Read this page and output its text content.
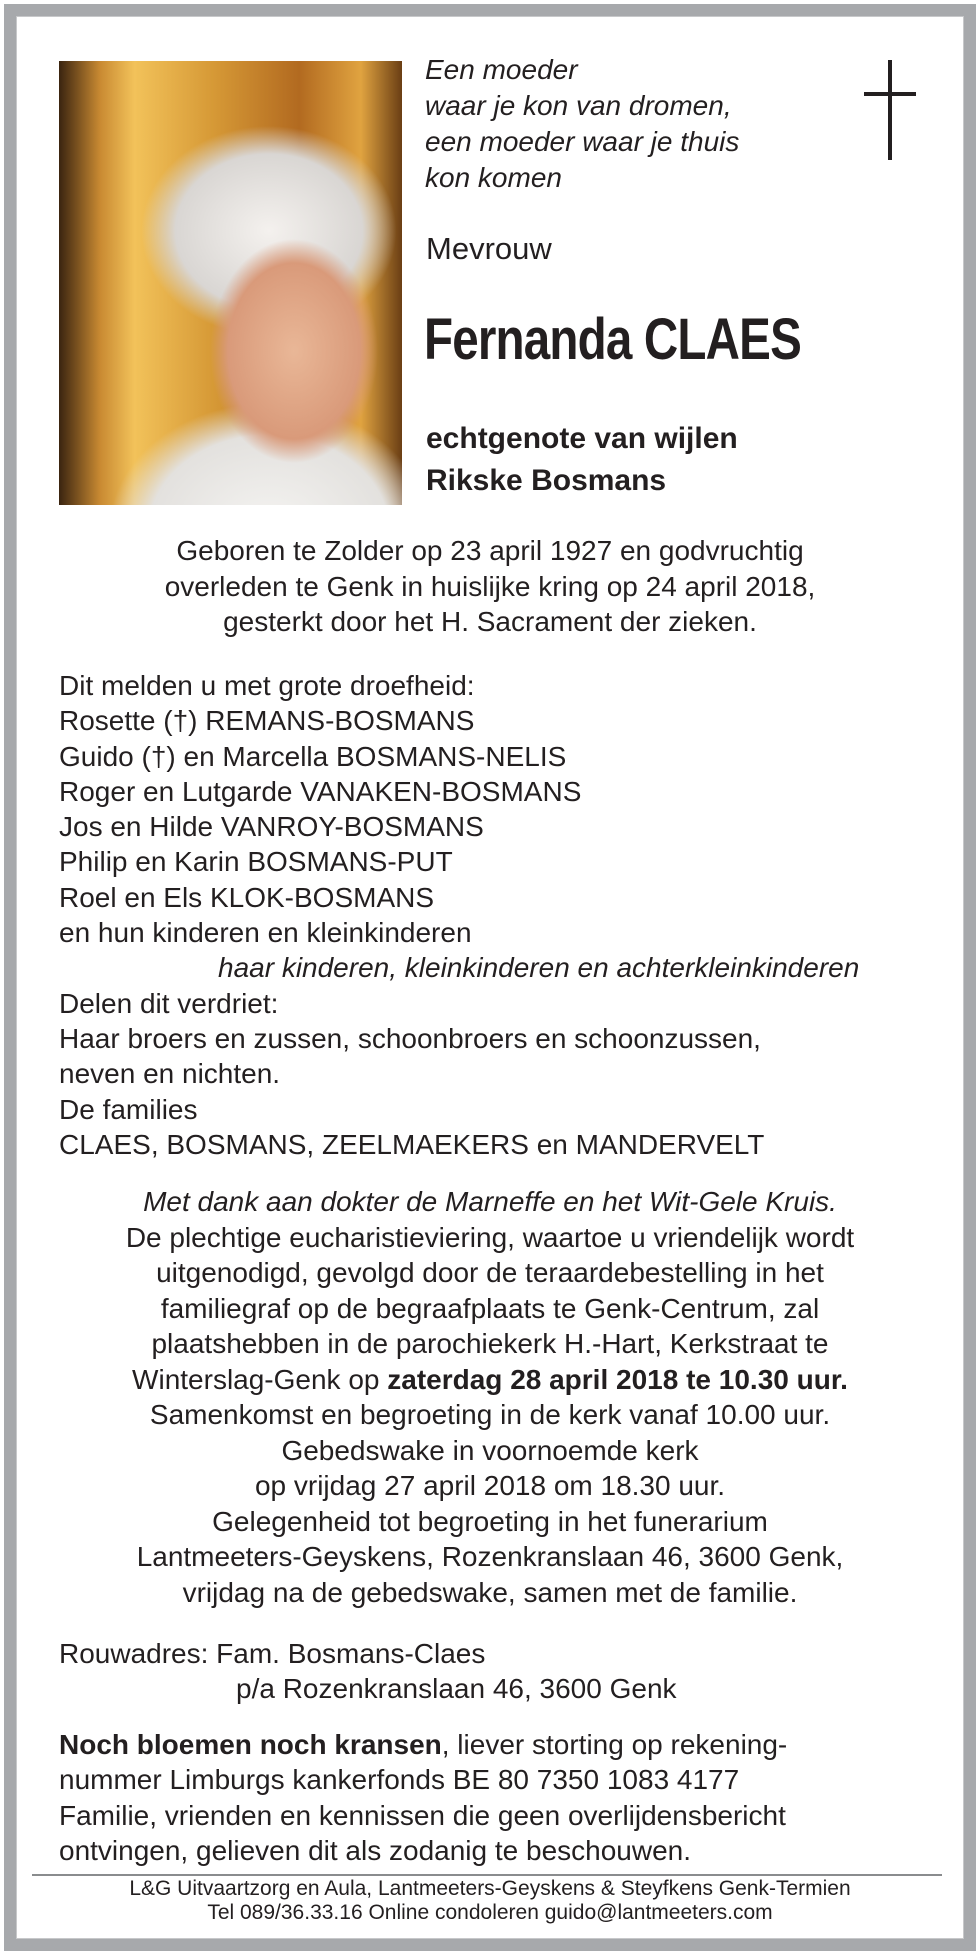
Een moeder
waar je kon van dromen,
een moeder waar je thuis
kon komen
Mevrouw
Fernanda CLAES
echtgenote van wijlen
Rikske Bosmans
Geboren te Zolder op 23 april 1927 en godvruchtig
overleden te Genk in huislijke kring op 24 april 2018,
gesterkt door het H. Sacrament der zieken.
Dit melden u met grote droefheid:
Rosette (†) REMANS-BOSMANS
Guido (†) en Marcella BOSMANS-NELIS
Roger en Lutgarde VANAKEN-BOSMANS
Jos en Hilde VANROY-BOSMANS
Philip en Karin BOSMANS-PUT
Roel en Els KLOK-BOSMANS
en hun kinderen en kleinkinderen
haar kinderen, kleinkinderen en achterkleinkinderen
Delen dit verdriet:
Haar broers en zussen, schoonbroers en schoonzussen,
neven en nichten.
De families
CLAES, BOSMANS, ZEELMAEKERS en MANDERVELT
Met dank aan dokter de Marneffe en het Wit-Gele Kruis.
De plechtige eucharistieviering, waartoe u vriendelijk wordt
uitgenodigd, gevolgd door de teraardebestelling in het
familiegraf op de begraafplaats te Genk-Centrum, zal
plaatshebben in de parochiekerk H.-Hart, Kerkstraat te
Winterslag-Genk op zaterdag 28 april 2018 te 10.30 uur.
Samenkomst en begroeting in de kerk vanaf 10.00 uur.
Gebedswake in voornoemde kerk
op vrijdag 27 april 2018 om 18.30 uur.
Gelegenheid tot begroeting in het funerarium
Lantmeeters-Geyskens, Rozenkranslaan 46, 3600 Genk,
vrijdag na de gebedswake, samen met de familie.
Rouwadres: Fam. Bosmans-Claes
p/a Rozenkranslaan 46, 3600 Genk
Noch bloemen noch kransen, liever storting op rekening-
nummer Limburgs kankerfonds BE 80 7350 1083 4177
Familie, vrienden en kennissen die geen overlijdensbericht
ontvingen, gelieven dit als zodanig te beschouwen.
L&G Uitvaartzorg en Aula, Lantmeeters-Geyskens & Steyfkens Genk-Termien
Tel 089/36.33.16 Online condoleren guido@lantmeeters.com
